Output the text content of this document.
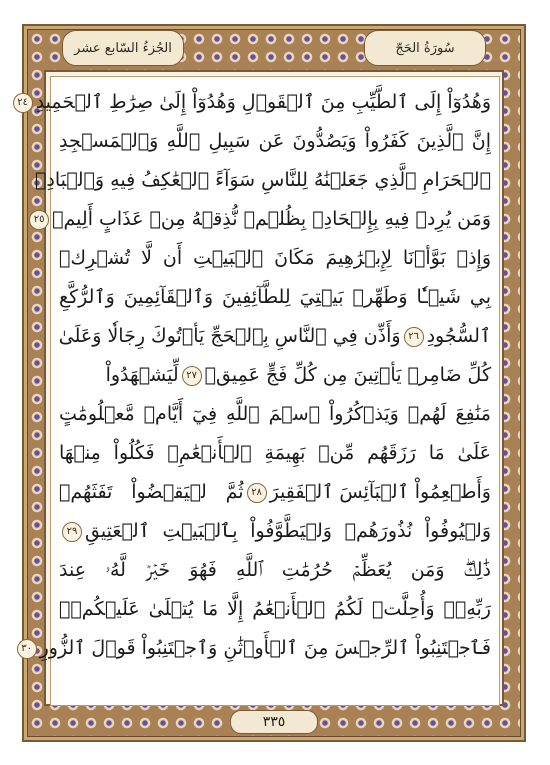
الجُزءُ السّابع عشر	سُورَةُ الحَجّ
وَهُدُوٓاْ إِلَى ٱلطَّيِّبِ مِنَ ٱلۡقَوۡلِ وَهُدُوٓاْ إِلَىٰ صِرَٰطِ ٱلۡحَمِيدِ
٢٤
إِنَّ ٱلَّذِينَ كَفَرُواْ وَيَصُدُّونَ عَن سَبِيلِ ٱللَّهِ وَٱلۡمَسۡجِدِ
ٱلۡحَرَامِ ٱلَّذِي جَعَلۡنَٰهُ لِلنَّاسِ سَوَآءً ٱلۡعَٰكِفُ فِيهِ وَٱلۡبَادِۚ
وَمَن يُرِدۡ فِيهِ بِإِلۡحَادِۢ بِظُلۡمٖ نُّذِقۡهُ مِنۡ عَذَابٍ أَلِيمٖ
٢٥
وَإِذۡ بَوَّأۡنَا لِإِبۡرَٰهِيمَ مَكَانَ ٱلۡبَيۡتِ أَن لَّا تُشۡرِكۡ
بِي شَيۡـٔٗا وَطَهِّرۡ بَيۡتِيَ لِلطَّآئِفِينَ وَٱلۡقَآئِمِينَ وَٱلرُّكَّعِ
ٱلسُّجُودِ
٢٦
وَأَذِّن فِي ٱلنَّاسِ بِٱلۡحَجِّ يَأۡتُوكَ رِجَالٗا وَعَلَىٰ
كُلِّ ضَامِرٖ يَأۡتِينَ مِن كُلِّ فَجٍّ عَمِيقٖ
٢٧
لِّيَشۡهَدُواْ
مَنَٰفِعَ لَهُمۡ وَيَذۡكُرُواْ ٱسۡمَ ٱللَّهِ فِيٓ أَيَّامٖ مَّعۡلُومَٰتٍ
عَلَىٰ مَا رَزَقَهُم مِّنۢ بَهِيمَةِ ٱلۡأَنۡعَٰمِۖ فَكُلُواْ مِنۡهَا
وَأَطۡعِمُواْ ٱلۡبَآئِسَ ٱلۡفَقِيرَ
٢٨
ثُمَّ لۡيَقۡضُواْ تَفَثَهُمۡ
وَلۡيُوفُواْ نُذُورَهُمۡ وَلۡيَطَّوَّفُواْ بِٱلۡبَيۡتِ ٱلۡعَتِيقِ
٢٩
ذَٰلِكَۖ وَمَن يُعَظِّمۡ حُرُمَٰتِ ٱللَّهِ فَهُوَ خَيۡرٞ لَّهُۥ عِندَ
رَبِّهِۦۗ وَأُحِلَّتۡ لَكُمُ ٱلۡأَنۡعَٰمُ إِلَّا مَا يُتۡلَىٰ عَلَيۡكُمۡۖ
فَٱجۡتَنِبُواْ ٱلرِّجۡسَ مِنَ ٱلۡأَوۡثَٰنِ وَٱجۡتَنِبُواْ قَوۡلَ ٱلزُّورِ
٣٠
٣٣٥
